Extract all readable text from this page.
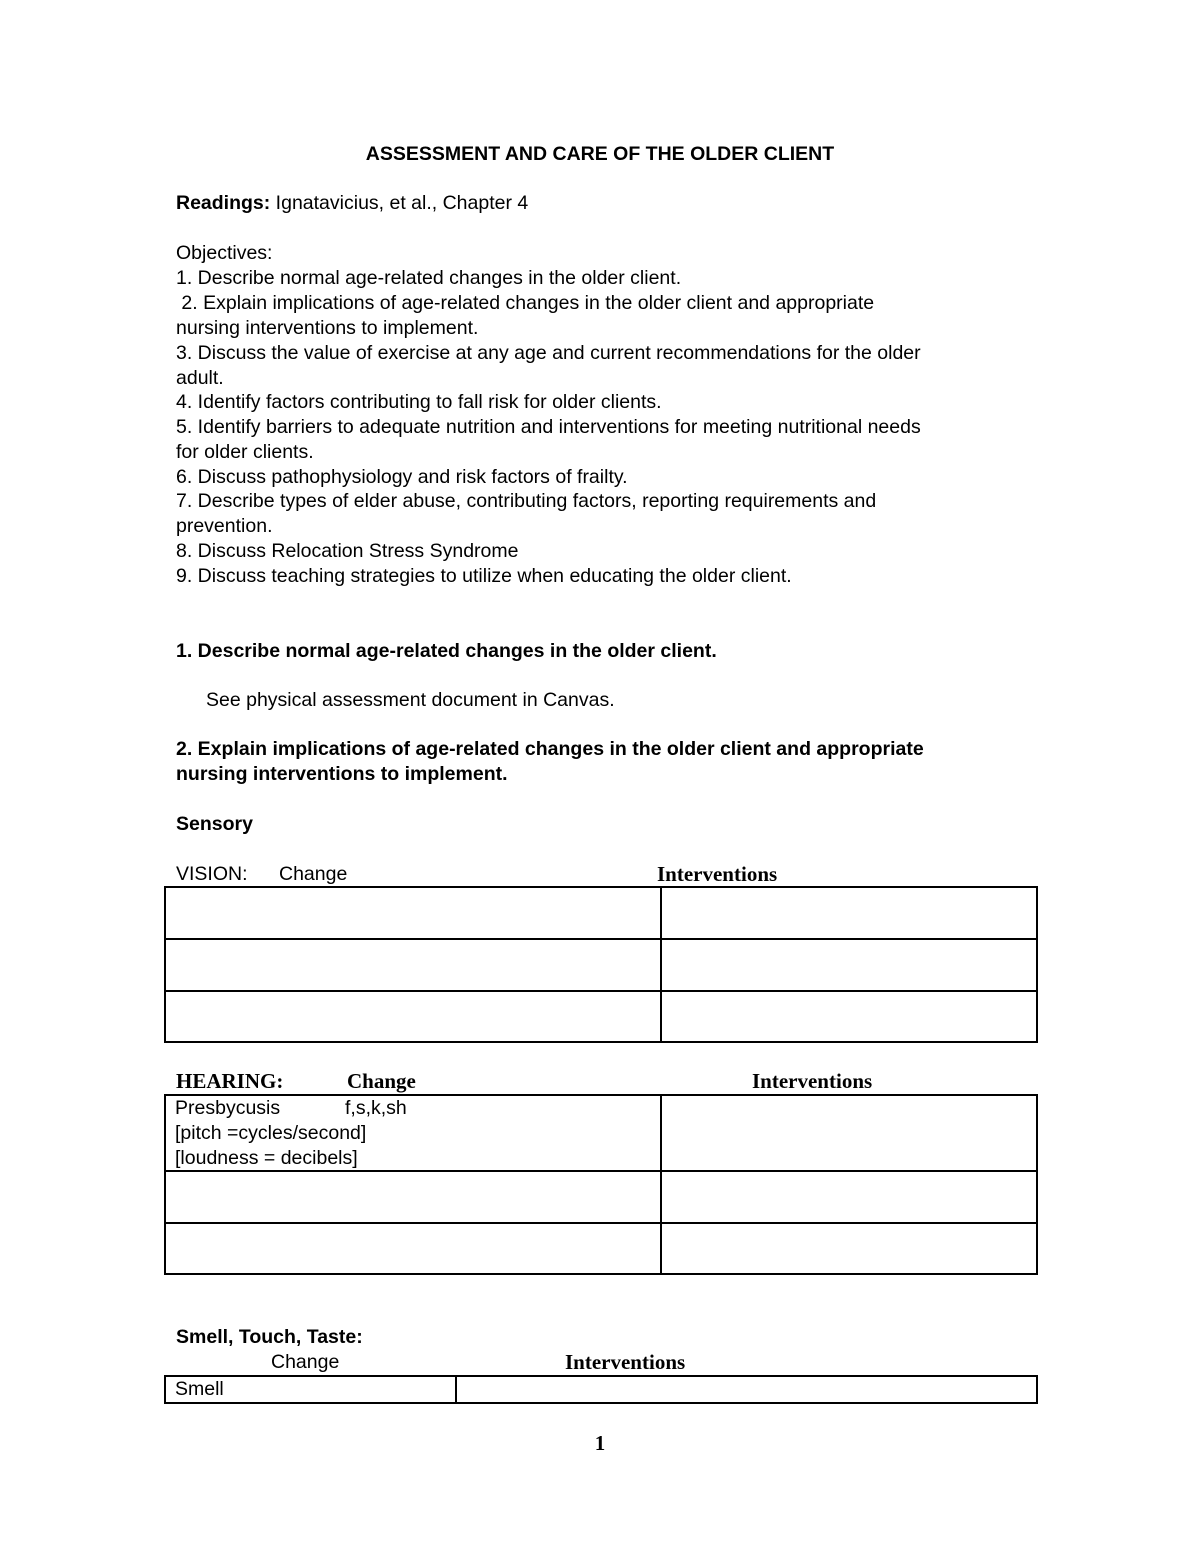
ASSESSMENT AND CARE OF THE OLDER CLIENT
Readings: Ignatavicius, et al., Chapter 4
Objectives:
1. Describe normal age-related changes in the older client.
2. Explain implications of age-related changes in the older client and appropriate
nursing interventions to implement.
3. Discuss the value of exercise at any age and current recommendations for the older
adult.
4. Identify factors contributing to fall risk for older clients.
5. Identify barriers to adequate nutrition and interventions for meeting nutritional needs
for older clients.
6. Discuss pathophysiology and risk factors of frailty.
7. Describe types of elder abuse, contributing factors, reporting requirements and
prevention.
8. Discuss Relocation Stress Syndrome
9. Discuss teaching strategies to utilize when educating the older client.
1. Describe normal age-related changes in the older client.
See physical assessment document in Canvas.
2. Explain implications of age-related changes in the older client and appropriate
nursing interventions to implement.
Sensory
VISION: Change	Interventions

HEARING:	Change	Interventions
Presbycusis f,s,k,sh
[pitch =cycles/second]
[loudness = decibels]	

Smell, Touch, Taste:
Change	Interventions
Smell	
1
